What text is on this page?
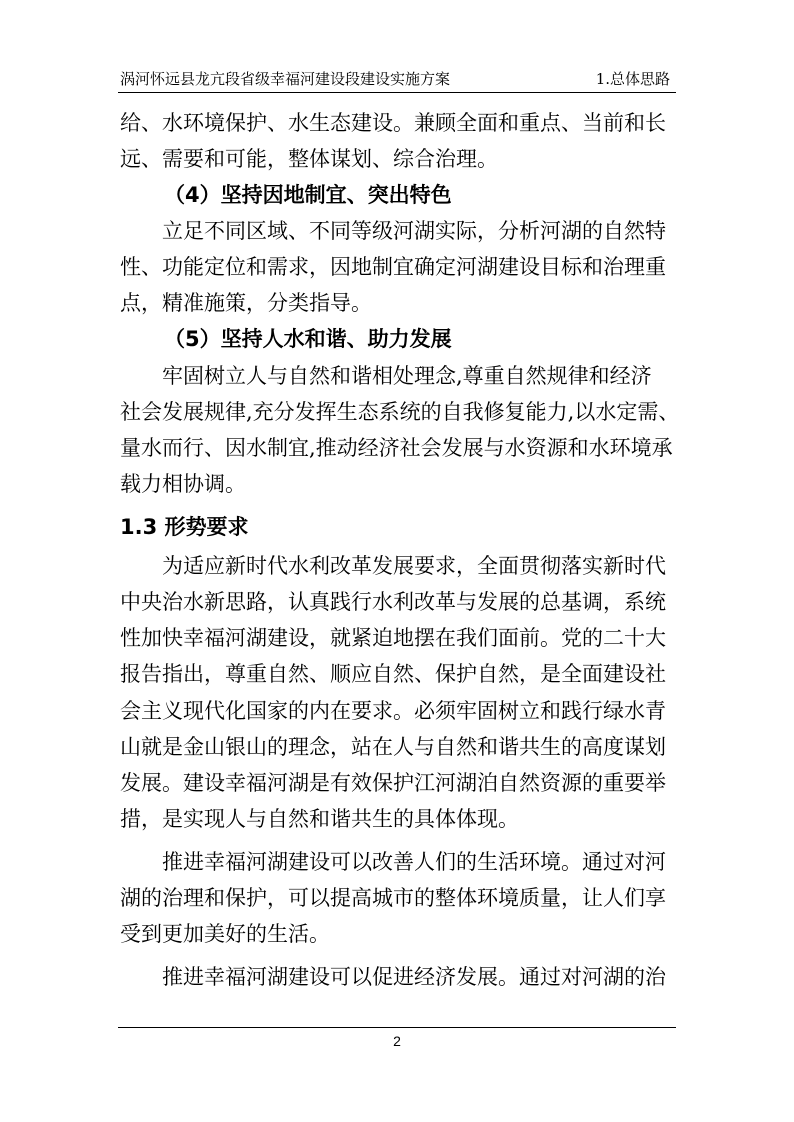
涡河怀远县龙亢段省级幸福河建设段建设实施方案	1.总体思路
给、水环境保护、水生态建设。兼顾全面和重点、当前和长
远、需要和可能，整体谋划、综合治理。
（4）坚持因地制宜、突出特色
立足不同区域、不同等级河湖实际，分析河湖的自然特
性、功能定位和需求，因地制宜确定河湖建设目标和治理重
点，精准施策，分类指导。
（5）坚持人水和谐、助力发展
牢固树立人与自然和谐相处理念,尊重自然规律和经济
社会发展规律,充分发挥生态系统的自我修复能力,以水定需、
量水而行、因水制宜,推动经济社会发展与水资源和水环境承
载力相协调。
1.3 形势要求
为适应新时代水利改革发展要求，全面贯彻落实新时代
中央治水新思路，认真践行水利改革与发展的总基调，系统
性加快幸福河湖建设，就紧迫地摆在我们面前。党的二十大
报告指出，尊重自然、顺应自然、保护自然，是全面建设社
会主义现代化国家的内在要求。必须牢固树立和践行绿水青
山就是金山银山的理念，站在人与自然和谐共生的高度谋划
发展。建设幸福河湖是有效保护江河湖泊自然资源的重要举
措，是实现人与自然和谐共生的具体体现。
推进幸福河湖建设可以改善人们的生活环境。通过对河
湖的治理和保护，可以提高城市的整体环境质量，让人们享
受到更加美好的生活。
推进幸福河湖建设可以促进经济发展。通过对河湖的治
2
